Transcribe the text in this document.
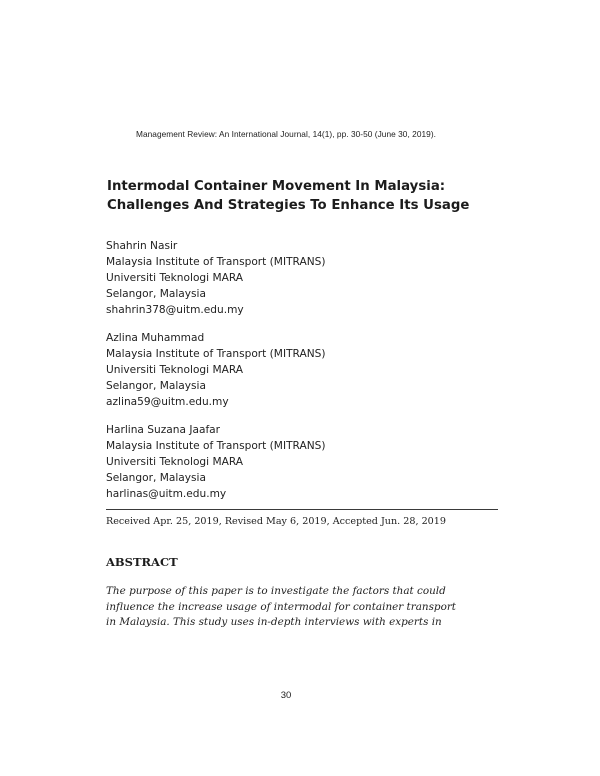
Management Review: An International Journal, 14(1), pp. 30-50 (June 30, 2019).
Intermodal Container Movement In Malaysia:
Challenges And Strategies To Enhance Its Usage
Shahrin Nasir
Malaysia Institute of Transport (MITRANS)
Universiti Teknologi MARA
Selangor, Malaysia
shahrin378@uitm.edu.my
Azlina Muhammad
Malaysia Institute of Transport (MITRANS)
Universiti Teknologi MARA
Selangor, Malaysia
azlina59@uitm.edu.my
Harlina Suzana Jaafar
Malaysia Institute of Transport (MITRANS)
Universiti Teknologi MARA
Selangor, Malaysia
harlinas@uitm.edu.my
Received Apr. 25, 2019, Revised May 6, 2019, Accepted Jun. 28, 2019
ABSTRACT
The purpose of this paper is to investigate the factors that could
influence the increase usage of intermodal for container transport
in Malaysia. This study uses in-depth interviews with experts in
30
